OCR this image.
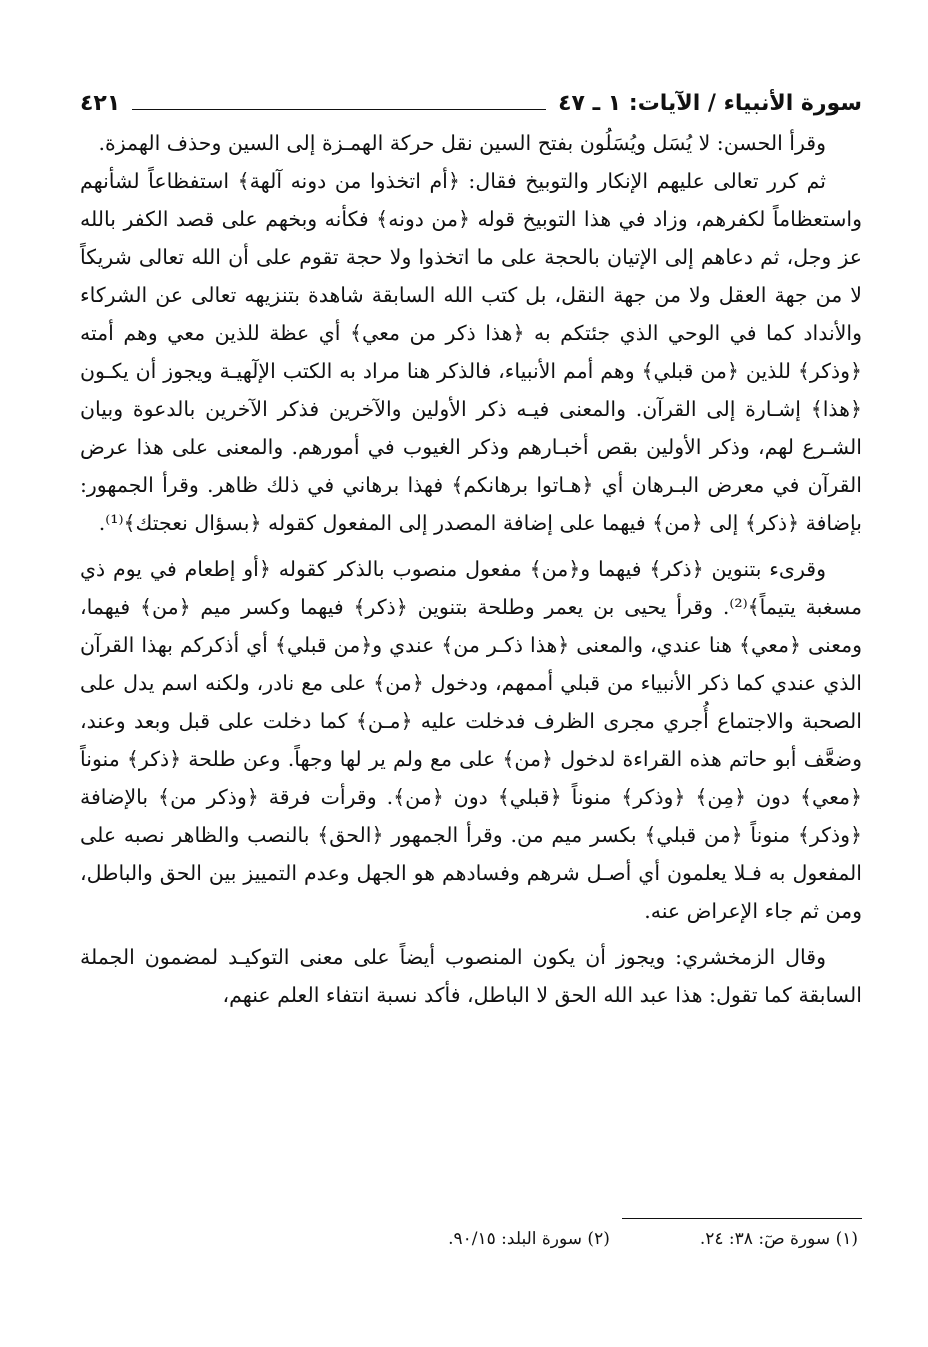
سورة الأنبياء / الآيات: ١ ـ ٤٧
٤٢١

وقرأ الحسن: لا يُسَل ويُسَلُون بفتح السين نقل حركة الهمـزة إلى السين وحذف الهمزة.

ثم كرر تعالى عليهم الإنكار والتوبيخ فقال: ﴿أم اتخذوا من دونه آلهة﴾ استفظاعاً لشأنهم واستعظاماً لكفرهم، وزاد في هذا التوبيخ قوله ﴿من دونه﴾ فكأنه وبخهم على قصد الكفر بالله عز وجل، ثم دعاهم إلى الإتيان بالحجة على ما اتخذوا ولا حجة تقوم على أن الله تعالى شريكاً لا من جهة العقل ولا من جهة النقل، بل كتب الله السابقة شاهدة بتنزيهه تعالى عن الشركاء والأنداد كما في الوحي الذي جئتكم به ﴿هذا ذكر من معي﴾ أي عظة للذين معي وهم أمته ﴿وذكر﴾ للذين ﴿من قبلي﴾ وهم أمم الأنبياء، فالذكر هنا مراد به الكتب الإلٓهيـة ويجوز أن يكـون ﴿هذا﴾ إشـارة إلى القرآن. والمعنى فيـه ذكر الأولين والآخرين فذكر الآخرين بالدعوة وبيان الشـرع لهم، وذكر الأولين بقص أخبـارهم وذكر الغيوب في أمورهم. والمعنى على هذا عرض القرآن في معرض البـرهان أي ﴿هـاتوا برهانكم﴾ فهذا برهاني في ذلك ظاهر. وقرأ الجمهور: بإضافة ﴿ذكر﴾ إلى ﴿من﴾ فيهما على إضافة المصدر إلى المفعول كقوله ﴿بسؤال نعجتك﴾⁽¹⁾.

وقرىء بتنوين ﴿ذكر﴾ فيهما و﴿من﴾ مفعول منصوب بالذكر كقوله ﴿أو إطعام في يوم ذي مسغبة يتيماً﴾⁽²⁾. وقرأ يحيى بن يعمر وطلحة بتنوين ﴿ذكر﴾ فيهما وكسر ميم ﴿من﴾ فيهما، ومعنى ﴿معي﴾ هنا عندي، والمعنى ﴿هذا ذكـر من﴾ عندي و﴿من قبلي﴾ أي أذكركم بهذا القرآن الذي عندي كما ذكر الأنبياء من قبلي أممهم، ودخول ﴿من﴾ على مع نادر، ولكنه اسم يدل على الصحبة والاجتماع أُجري مجرى الظرف فدخلت عليه ﴿مـن﴾ كما دخلت على قبل وبعد وعند، وضعَّف أبو حاتم هذه القراءة لدخول ﴿من﴾ على مع ولم ير لها وجهاً. وعن طلحة ﴿ذكر﴾ منوناً ﴿معي﴾ دون ﴿مِن﴾ ﴿وذكر﴾ منوناً ﴿قبلي﴾ دون ﴿من﴾. وقرأت فرقة ﴿وذكر من﴾ بالإضافة ﴿وذكر﴾ منوناً ﴿من قبلي﴾ بكسر ميم من. وقرأ الجمهور ﴿الحق﴾ بالنصب والظاهر نصبه على المفعول به فـلا يعلمون أي أصـل شرهم وفسادهم هو الجهل وعدم التمييز بين الحق والباطل، ومن ثم جاء الإعراض عنه.

وقال الزمخشري: ويجوز أن يكون المنصوب أيضاً على معنى التوكيـد لمضمون الجملة السابقة كما تقول: هذا عبد الله الحق لا الباطل، فأكد نسبة انتفاء العلم عنهم،

(١) سورة صٓ: ٣٨: ٢٤.
(٢) سورة البلد: ٩٠/١٥.
